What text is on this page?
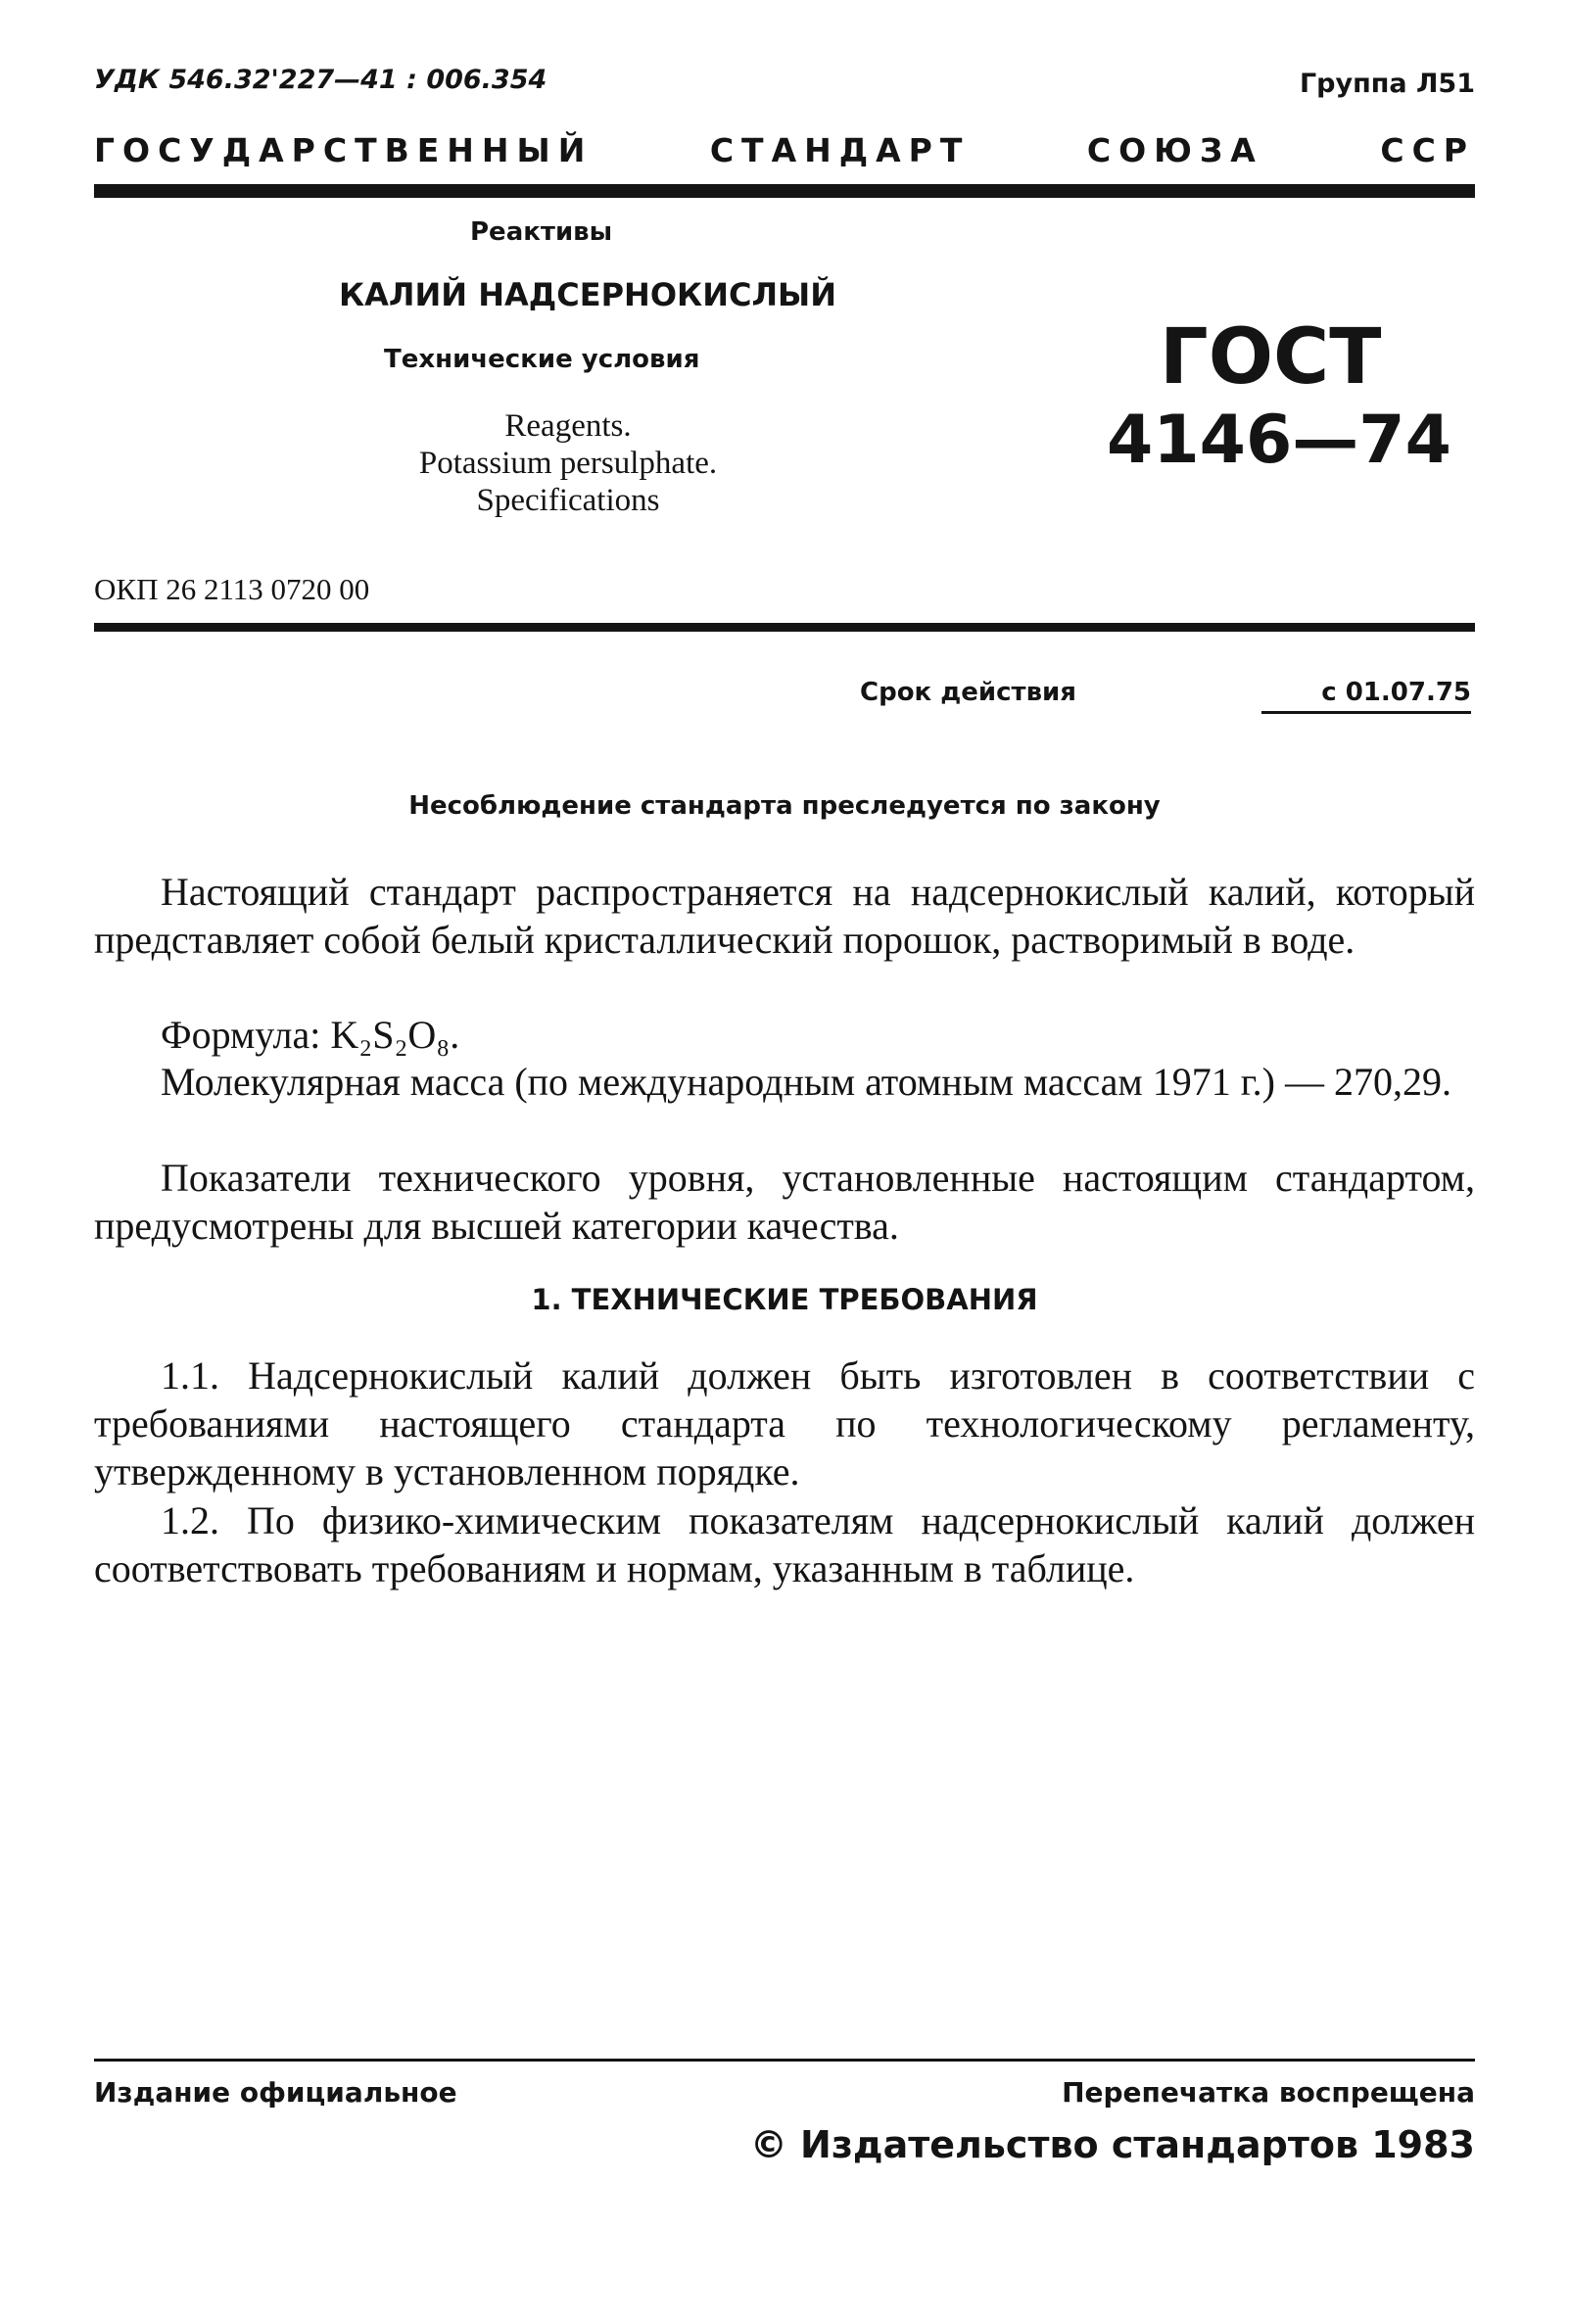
УДК 546.32'227—41 : 006.354	Группа Л51
ГОСУДАРСТВЕННЫЙ	СТАНДАРТ	СОЮЗА	ССР
Реактивы
КАЛИЙ НАДСЕРНОКИСЛЫЙ
Технические условия
Reagents.
Potassium persulphate.
Specifications
ГОСТ
4146—74
ОКП 26 2113 0720 00
Срок действия	с 01.07.75
Несоблюдение стандарта преследуется по закону
Настоящий стандарт распространяется на надсернокислый калий, который представляет собой белый кристаллический порошок, растворимый в воде.
Формула: K₂S₂O₈.
Молекулярная масса (по международным атомным массам 1971 г.) — 270,29.
Показатели технического уровня, установленные настоящим стандартом, предусмотрены для высшей категории качества.
1. ТЕХНИЧЕСКИЕ ТРЕБОВАНИЯ
1.1. Надсернокислый калий должен быть изготовлен в соответствии с требованиями настоящего стандарта по технологическому регламенту, утвержденному в установленном порядке.
1.2. По физико-химическим показателям надсернокислый калий должен соответствовать требованиям и нормам, указанным в таблице.
Издание официальное	Перепечатка воспрещена
© Издательство стандартов 1983
